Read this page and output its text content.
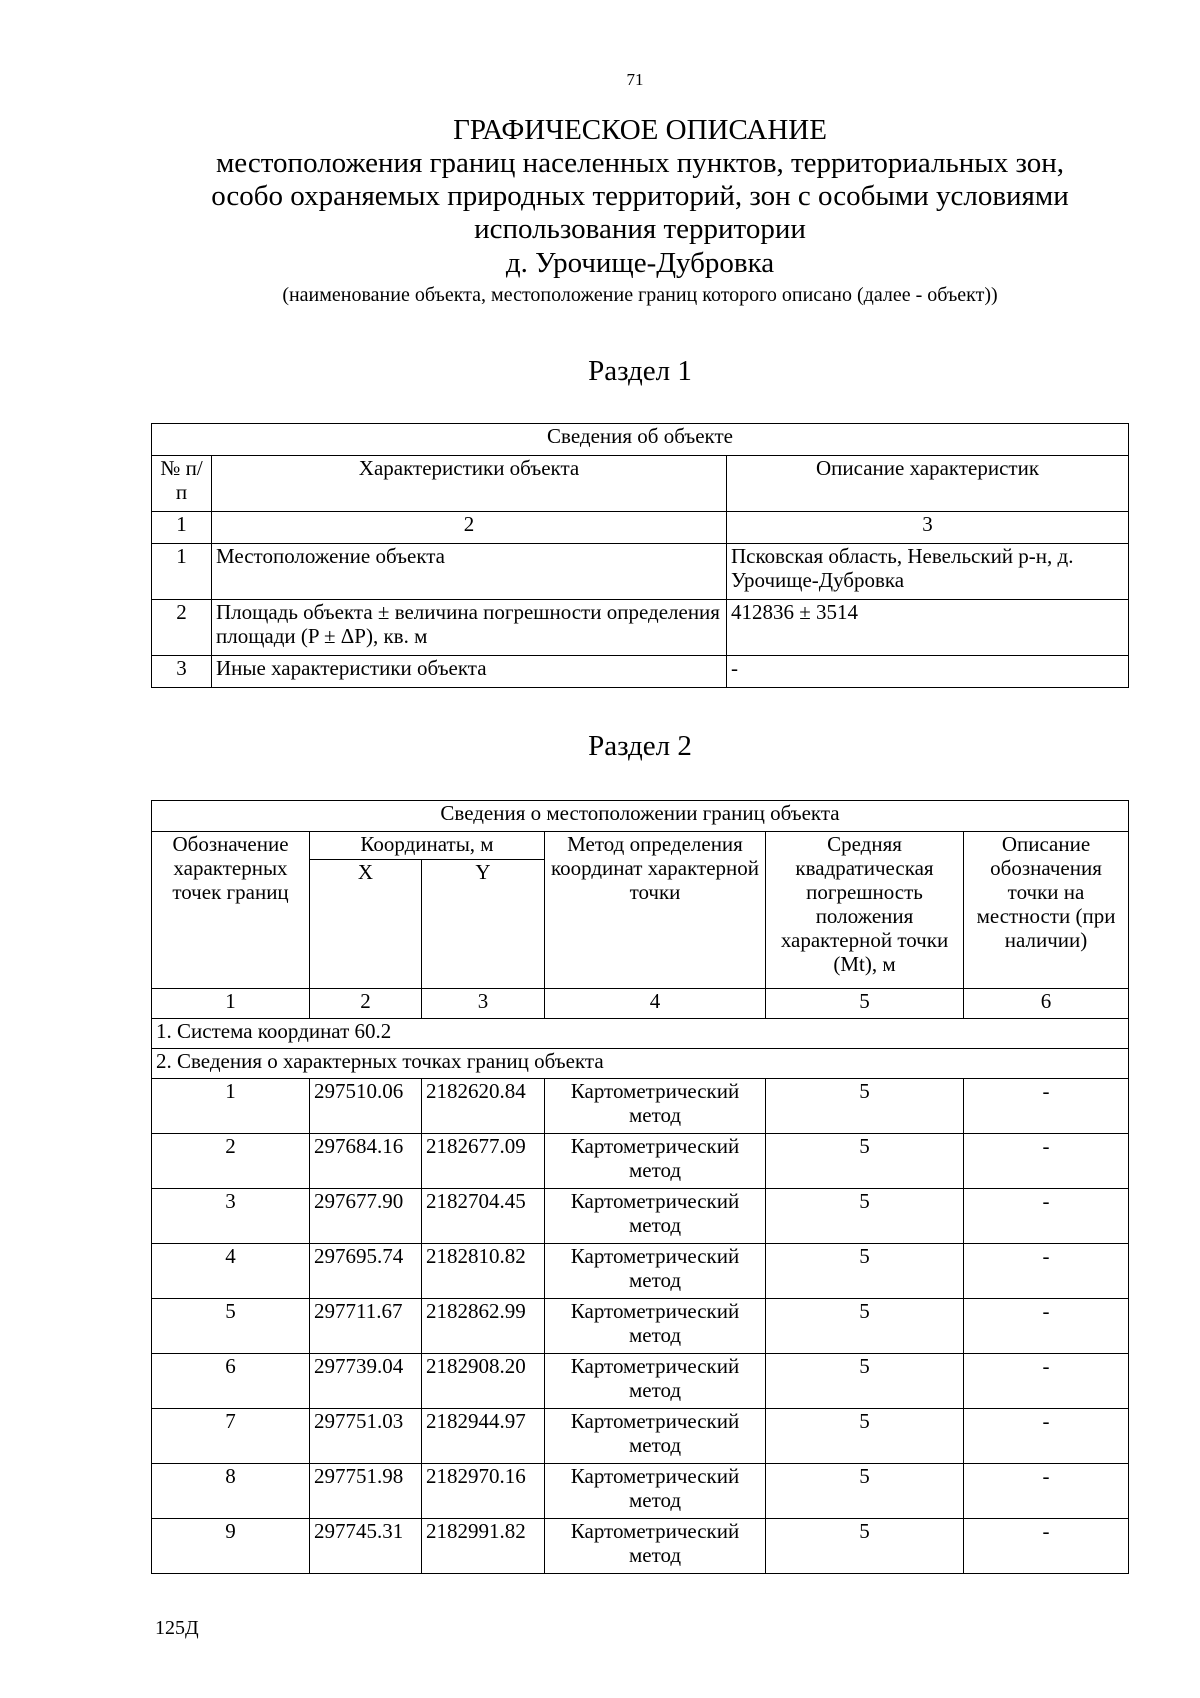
71
ГРАФИЧЕСКОЕ ОПИСАНИЕ
местоположения границ населенных пунктов, территориальных зон,
особо охраняемых природных территорий, зон с особыми условиями
использования территории
д. Урочище-Дубровка
(наименование объекта, местоположение границ которого описано (далее - объект))
Раздел 1
Сведения об объекте		
№ п/п	Характеристики объекта	Описание характеристик
1	2	3
1	Местоположение объекта	Псковская область, Невельский р-н, д. Урочище-Дубровка
2	Площадь объекта ± величина погрешности определения площади (P ± ΔP), кв. м	412836 ± 3514
3	Иные характеристики объекта	-
Раздел 2
Сведения о местоположении границ объекта					
Обозначение характерных точек границ	Координаты, м		Метод определения координат характерной точки	Средняя квадратическая погрешность положения характерной точки (Mt), м	Описание обозначения точки на местности (при наличии)
	X	Y			
1	2	3	4	5	6
1. Система координат 60.2					
2. Сведения о характерных точках границ объекта					
1	297510.06	2182620.84	Картометрический метод	5	-
2	297684.16	2182677.09	Картометрический метод	5	-
3	297677.90	2182704.45	Картометрический метод	5	-
4	297695.74	2182810.82	Картометрический метод	5	-
5	297711.67	2182862.99	Картометрический метод	5	-
6	297739.04	2182908.20	Картометрический метод	5	-
7	297751.03	2182944.97	Картометрический метод	5	-
8	297751.98	2182970.16	Картометрический метод	5	-
9	297745.31	2182991.82	Картометрический метод	5	-
125Д
